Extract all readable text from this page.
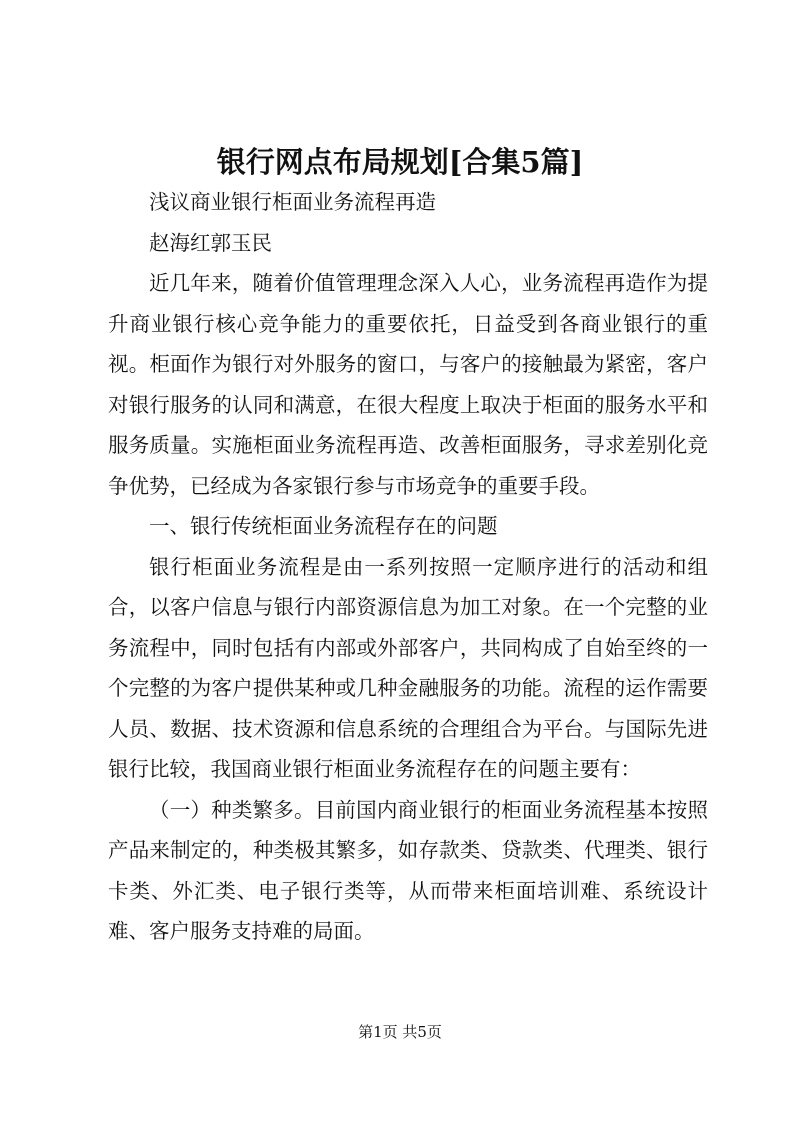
银行网点布局规划[合集5篇]

浅议商业银行柜面业务流程再造

赵海红郭玉民

近几年来，随着价值管理理念深入人心，业务流程再造作为提升商业银行核心竞争能力的重要依托，日益受到各商业银行的重视。柜面作为银行对外服务的窗口，与客户的接触最为紧密，客户对银行服务的认同和满意，在很大程度上取决于柜面的服务水平和服务质量。实施柜面业务流程再造、改善柜面服务，寻求差别化竞争优势，已经成为各家银行参与市场竞争的重要手段。

一、银行传统柜面业务流程存在的问题

银行柜面业务流程是由一系列按照一定顺序进行的活动和组合，以客户信息与银行内部资源信息为加工对象。在一个完整的业务流程中，同时包括有内部或外部客户，共同构成了自始至终的一个完整的为客户提供某种或几种金融服务的功能。流程的运作需要人员、数据、技术资源和信息系统的合理组合为平台。与国际先进银行比较，我国商业银行柜面业务流程存在的问题主要有：

（一）种类繁多。目前国内商业银行的柜面业务流程基本按照产品来制定的，种类极其繁多，如存款类、贷款类、代理类、银行卡类、外汇类、电子银行类等，从而带来柜面培训难、系统设计难、客户服务支持难的局面。

第1页 共5页
